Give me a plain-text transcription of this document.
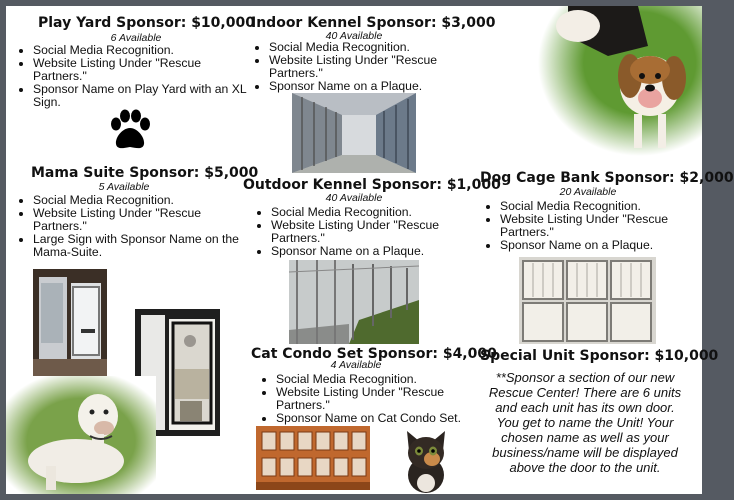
Play Yard Sponsor: $10,000
6 Available
• Social Media Recognition.
• Website Listing Under "Rescue Partners."
• Sponsor Name on Play Yard with an XL Sign.
Mama Suite Sponsor: $5,000
5 Available
• Social Media Recognition.
• Website Listing Under "Rescue Partners."
• Large Sign with Sponsor Name on the Mama-Suite.
Indoor Kennel Sponsor: $3,000
40 Available
• Social Media Recognition.
• Website Listing Under "Rescue Partners."
• Sponsor Name on a Plaque.
Outdoor Kennel Sponsor: $1,000
40 Available
• Social Media Recognition.
• Website Listing Under "Rescue Partners."
• Sponsor Name on a Plaque.
Cat Condo Set Sponsor: $4,000
4 Available
• Social Media Recognition.
• Website Listing Under "Rescue Partners."
• Sponsor Name on Cat Condo Set.
Dog Cage Bank Sponsor: $2,000
20 Available
• Social Media Recognition.
• Website Listing Under "Rescue Partners."
• Sponsor Name on a Plaque.
Special Unit Sponsor: $10,000
**Sponsor a section of our new Rescue Center! There are 6 units and each unit has its own door. You get to name the Unit! Your chosen name as well as your business/name will be displayed above the door to the unit.
